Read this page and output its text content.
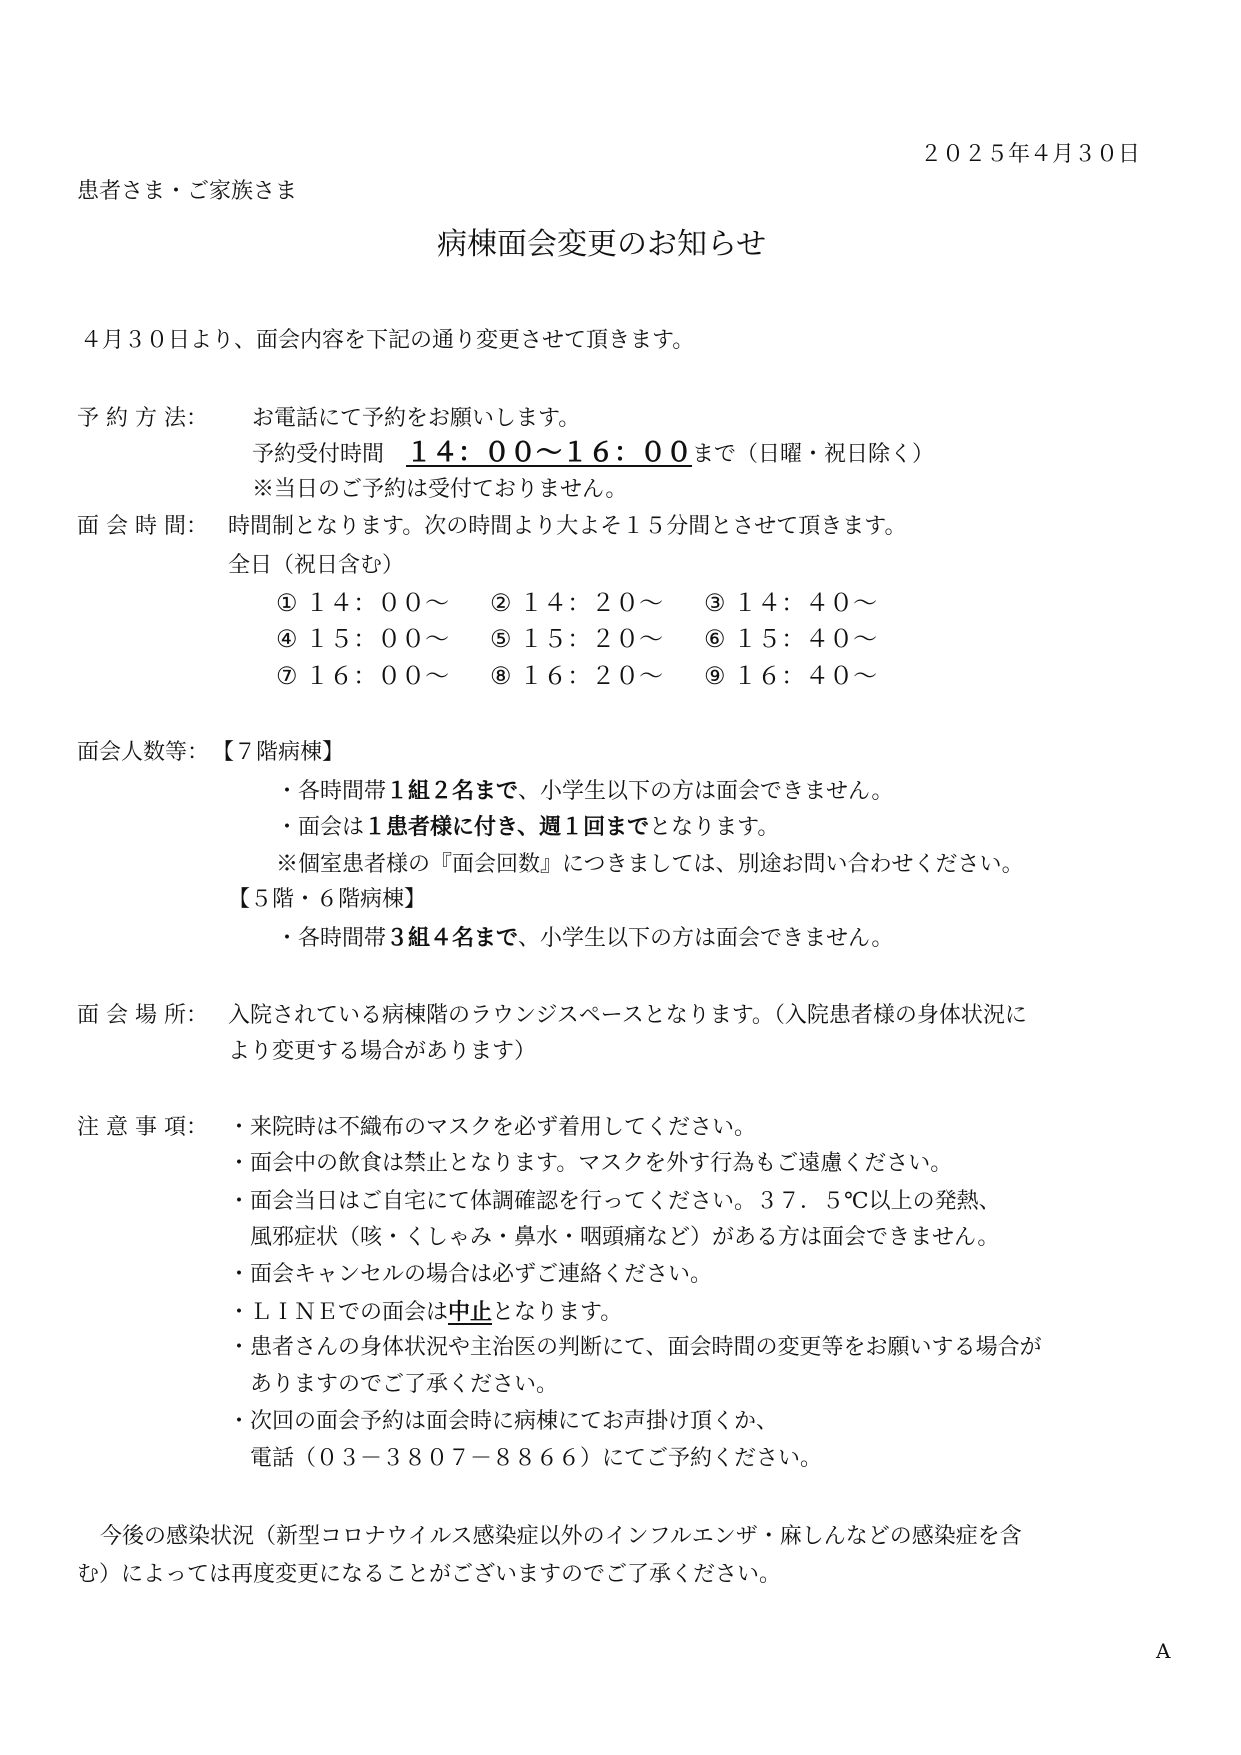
２０２５年４月３０日
患者さま・ご家族さま
病棟面会変更のお知らせ
４月３０日より、面会内容を下記の通り変更させて頂きます。
予 約 方 法： お電話にて予約をお願いします。
予約受付時間　１４：００～１６：００まで（日曜・祝日除く）
※当日のご予約は受付ておりません。
面 会 時 間： 時間制となります。次の時間より大よそ１５分間とさせて頂きます。
全日（祝日含む）
① １４：００～ ② １４：２０～ ③ １４：４０～
④ １５：００～ ⑤ １５：２０～ ⑥ １５：４０～
⑦ １６：００～ ⑧ １６：２０～ ⑨ １６：４０～
面会人数等： 【７階病棟】
・各時間帯１組２名まで、小学生以下の方は面会できません。
・面会は１患者様に付き、週１回までとなります。
※個室患者様の『面会回数』につきましては、別途お問い合わせください。
【５階・６階病棟】
・各時間帯３組４名まで、小学生以下の方は面会できません。
面 会 場 所： 入院されている病棟階のラウンジスペースとなります。（入院患者様の身体状況に
より変更する場合があります）
注 意 事 項： ・来院時は不織布のマスクを必ず着用してください。
・面会中の飲食は禁止となります。マスクを外す行為もご遠慮ください。
・面会当日はご自宅にて体調確認を行ってください。３７．５℃以上の発熱、
風邪症状（咳・くしゃみ・鼻水・咽頭痛など）がある方は面会できません。
・面会キャンセルの場合は必ずご連絡ください。
・ＬＩＮＥでの面会は中止となります。
・患者さんの身体状況や主治医の判断にて、面会時間の変更等をお願いする場合が
ありますのでご了承ください。
・次回の面会予約は面会時に病棟にてお声掛け頂くか、
電話（０３－３８０７－８８６６）にてご予約ください。
今後の感染状況（新型コロナウイルス感染症以外のインフルエンザ・麻しんなどの感染症を含
む）によっては再度変更になることがございますのでご了承ください。
A
